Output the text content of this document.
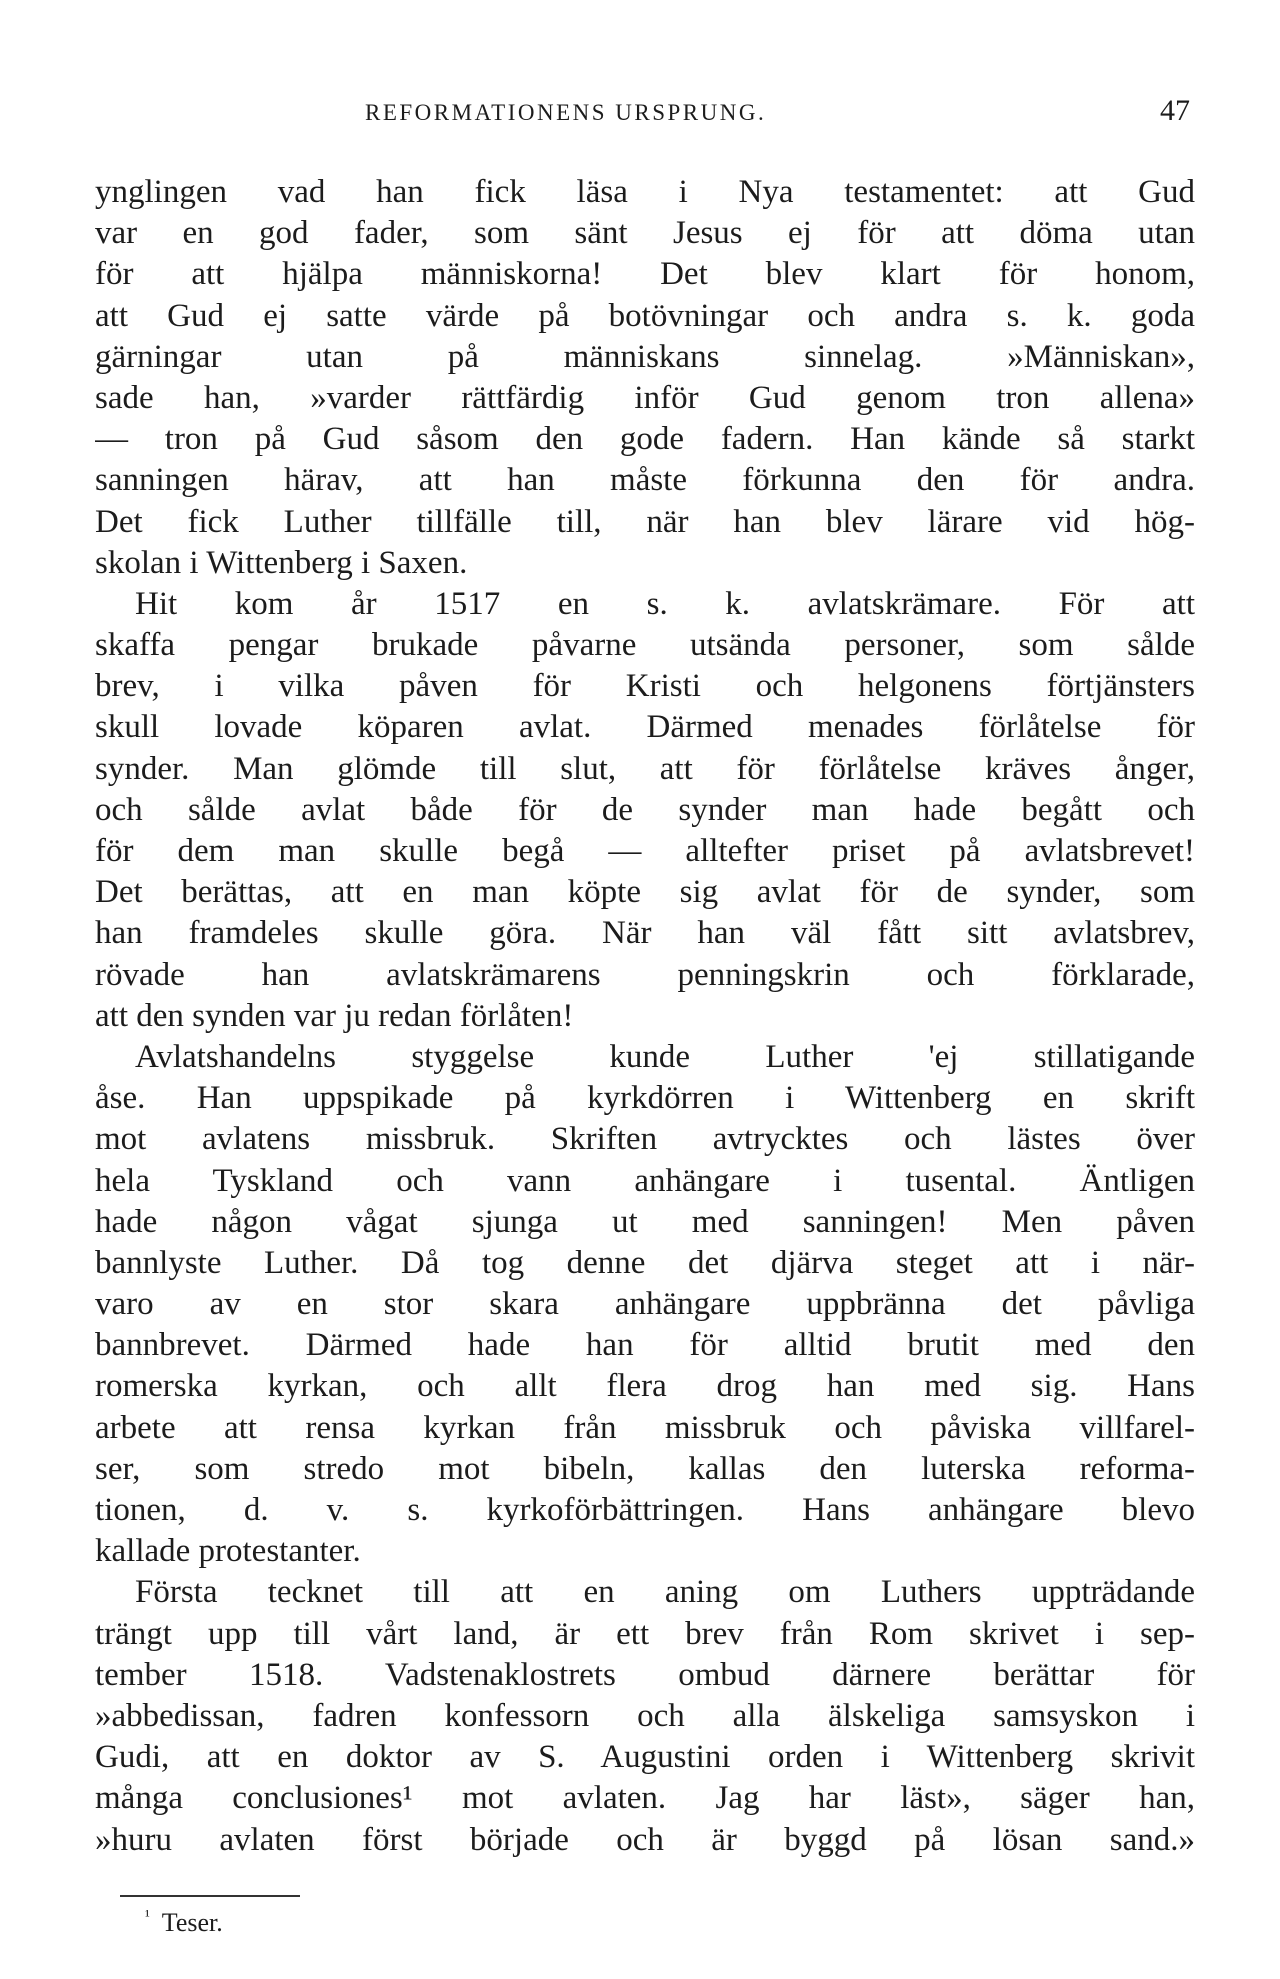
REFORMATIONENS URSPRUNG.	47
ynglingen vad han fick läsa i Nya testamentet: att Gud
var en god fader, som sänt Jesus ej för att döma utan
för att hjälpa människorna! Det blev klart för honom,
att Gud ej satte värde på botövningar och andra s. k. goda
gärningar utan på människans sinnelag. »Människan»,
sade han, »varder rättfärdig inför Gud genom tron allena»
— tron på Gud såsom den gode fadern. Han kände så starkt
sanningen härav, att han måste förkunna den för andra.
Det fick Luther tillfälle till, när han blev lärare vid hög-
skolan i Wittenberg i Saxen.
Hit kom år 1517 en s. k. avlatskrämare. För att
skaffa pengar brukade påvarne utsända personer, som sålde
brev, i vilka påven för Kristi och helgonens förtjänsters
skull lovade köparen avlat. Därmed menades förlåtelse för
synder. Man glömde till slut, att för förlåtelse kräves ånger,
och sålde avlat både för de synder man hade begått och
för dem man skulle begå — alltefter priset på avlatsbrevet!
Det berättas, att en man köpte sig avlat för de synder, som
han framdeles skulle göra. När han väl fått sitt avlatsbrev,
rövade han avlatskrämarens penningskrin och förklarade,
att den synden var ju redan förlåten!
Avlatshandelns styggelse kunde Luther 'ej stillatigande
åse. Han uppspikade på kyrkdörren i Wittenberg en skrift
mot avlatens missbruk. Skriften avtrycktes och lästes över
hela Tyskland och vann anhängare i tusental. Äntligen
hade någon vågat sjunga ut med sanningen! Men påven
bannlyste Luther. Då tog denne det djärva steget att i när-
varo av en stor skara anhängare uppbränna det påvliga
bannbrevet. Därmed hade han för alltid brutit med den
romerska kyrkan, och allt flera drog han med sig. Hans
arbete att rensa kyrkan från missbruk och påviska villfarel-
ser, som stredo mot bibeln, kallas den luterska reforma-
tionen, d. v. s. kyrkoförbättringen. Hans anhängare blevo
kallade protestanter.
Första tecknet till att en aning om Luthers uppträdande
trängt upp till vårt land, är ett brev från Rom skrivet i sep-
tember 1518. Vadstenaklostrets ombud därnere berättar för
»abbedissan, fadren konfessorn och alla älskeliga samsyskon i
Gudi, att en doktor av S. Augustini orden i Wittenberg skrivit
många conclusiones¹ mot avlaten. Jag har läst», säger han,
»huru avlaten först började och är byggd på lösan sand.»
$^{^1}$ Teser.
